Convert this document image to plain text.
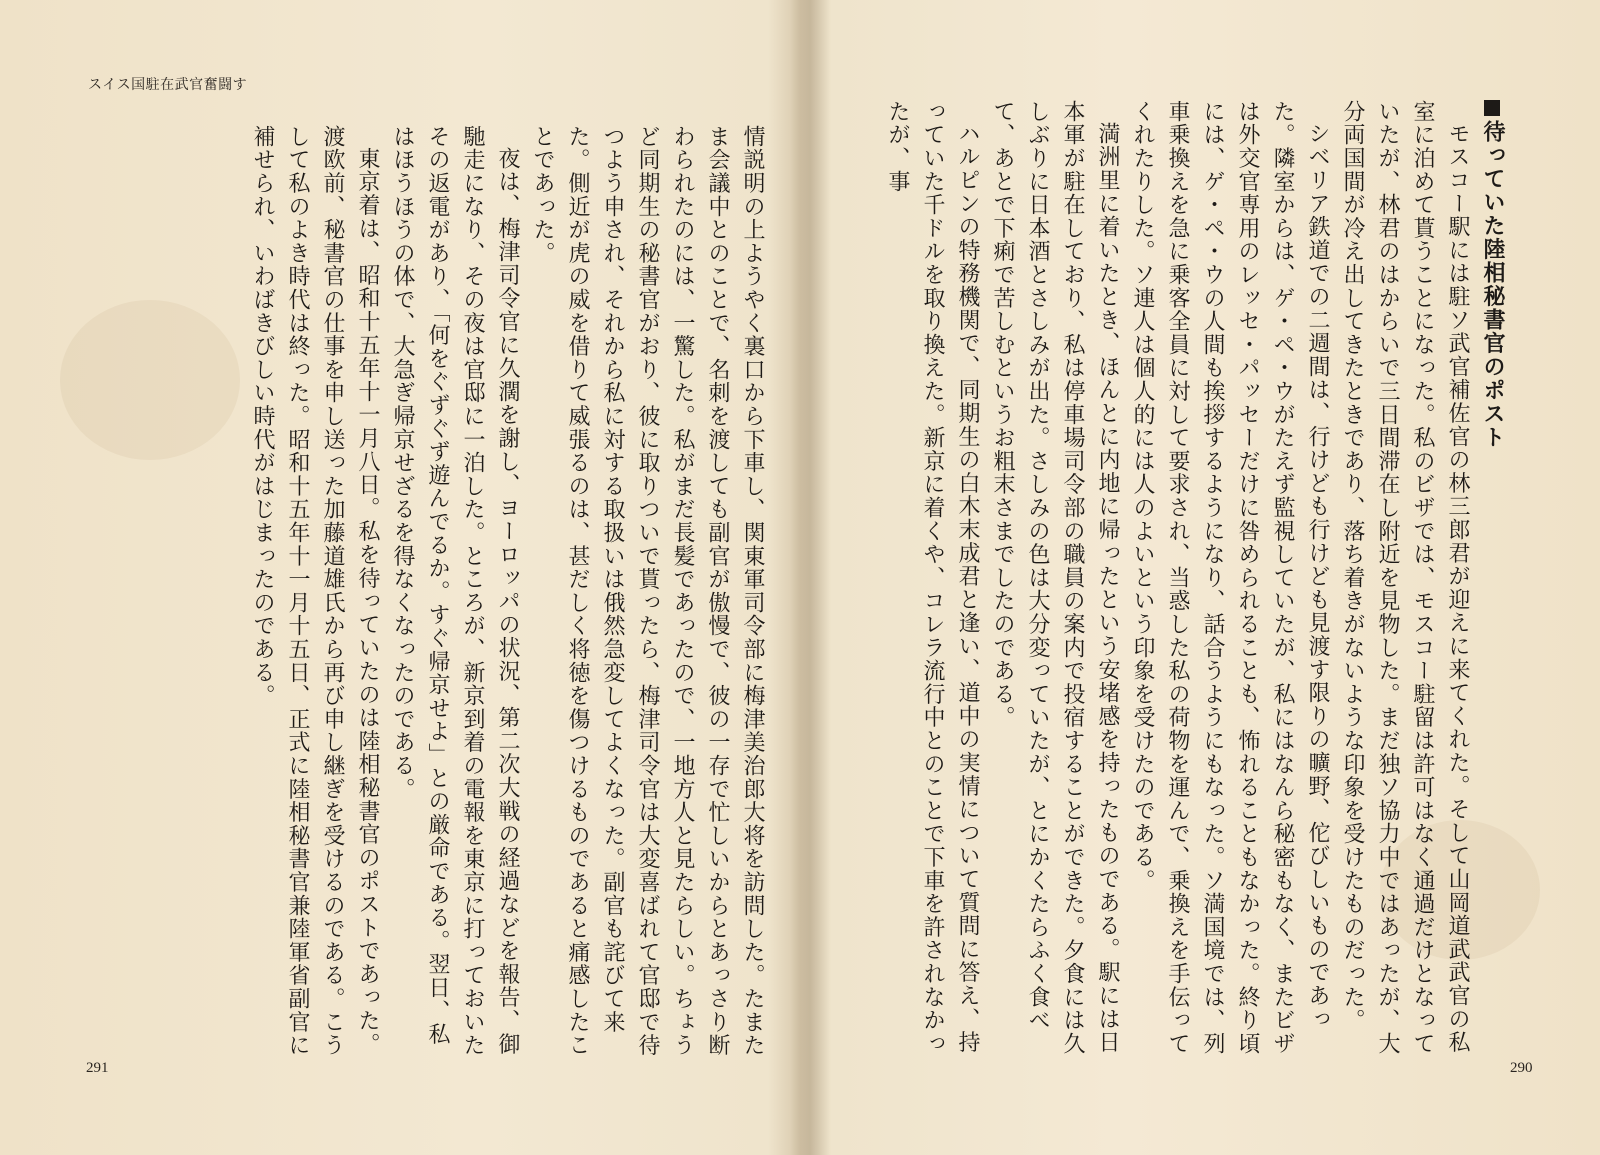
スイス国駐在武官奮闘す

情説明の上ようやく裏口から下車し、関東軍司令部に梅津美治郎大将を訪問した。たまたま会議中とのことで、名刺を渡しても副官が傲慢で、彼の一存で忙しいからとあっさり断わられたのには、一驚した。私がまだ長髪であったので、一地方人と見たらしい。ちょうど同期生の秘書官がおり、彼に取りついで貰ったら、梅津司令官は大変喜ばれて官邸で待つよう申され、それから私に対する取扱いは俄然急変してよくなった。副官も詫びて来た。側近が虎の威を借りて威張るのは、甚だしく将徳を傷つけるものであると痛感したことであった。

夜は、梅津司令官に久濶を謝し、ヨーロッパの状況、第二次大戦の経過などを報告、御馳走になり、その夜は官邸に一泊した。ところが、新京到着の電報を東京に打っておいたその返電があり、「何をぐずぐず遊んでるか。すぐ帰京せよ」との厳命である。翌日、私はほうほうの体で、大急ぎ帰京せざるを得なくなったのである。

東京着は、昭和十五年十一月八日。私を待っていたのは陸相秘書官のポストであった。渡欧前、秘書官の仕事を申し送った加藤道雄氏から再び申し継ぎを受けるのである。こうして私のよき時代は終った。昭和十五年十一月十五日、正式に陸相秘書官兼陸軍省副官に補せられ、いわばきびしい時代がはじまったのである。

291

待っていた陸相秘書官のポスト

モスコー駅には駐ソ武官補佐官の林三郎君が迎えに来てくれた。そして山岡道武武官の私室に泊めて貰うことになった。私のビザでは、モスコー駐留は許可はなく通過だけとなっていたが、林君のはからいで三日間滞在し附近を見物した。まだ独ソ協力中ではあったが、大分両国間が冷え出してきたときであり、落ち着きがないような印象を受けたものだった。

シベリア鉄道での二週間は、行けども行けども見渡す限りの曠野、佗びしいものであった。隣室からは、ゲ・ペ・ウがたえず監視していたが、私にはなんら秘密もなく、またビザは外交官専用のレッセ・パッセーだけに咎められることも、怖れることもなかった。終り頃には、ゲ・ペ・ウの人間も挨拶するようになり、話合うようにもなった。ソ満国境では、列車乗換えを急に乗客全員に対して要求され、当惑した私の荷物を運んで、乗換えを手伝ってくれたりした。ソ連人は個人的には人のよいという印象を受けたのである。

満洲里に着いたとき、ほんとに内地に帰ったという安堵感を持ったものである。駅には日本軍が駐在しており、私は停車場司令部の職員の案内で投宿することができた。夕食には久しぶりに日本酒とさしみが出た。さしみの色は大分変っていたが、とにかくたらふく食べて、あとで下痢で苦しむというお粗末さまでしたのである。

ハルピンの特務機関で、同期生の白木末成君と逢い、道中の実情について質問に答え、持っていた千ドルを取り換えた。新京に着くや、コレラ流行中とのことで下車を許されなかったが、事

290
